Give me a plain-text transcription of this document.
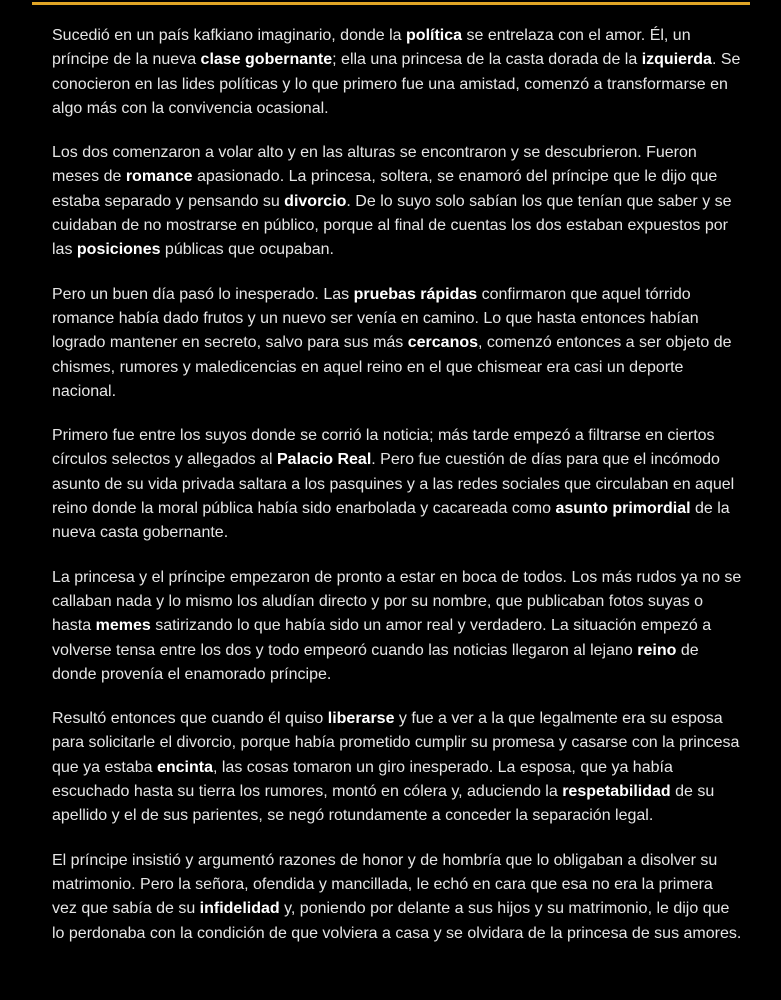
Sucedió en un país kafkiano imaginario, donde la política se entrelaza con el amor. Él, un príncipe de la nueva clase gobernante; ella una princesa de la casta dorada de la izquierda. Se conocieron en las lides políticas y lo que primero fue una amistad, comenzó a transformarse en algo más con la convivencia ocasional.

Los dos comenzaron a volar alto y en las alturas se encontraron y se descubrieron. Fueron meses de romance apasionado. La princesa, soltera, se enamoró del príncipe que le dijo que estaba separado y pensando su divorcio. De lo suyo solo sabían los que tenían que saber y se cuidaban de no mostrarse en público, porque al final de cuentas los dos estaban expuestos por las posiciones públicas que ocupaban.

Pero un buen día pasó lo inesperado. Las pruebas rápidas confirmaron que aquel tórrido romance había dado frutos y un nuevo ser venía en camino. Lo que hasta entonces habían logrado mantener en secreto, salvo para sus más cercanos, comenzó entonces a ser objeto de chismes, rumores y maledicencias en aquel reino en el que chismear era casi un deporte nacional.

Primero fue entre los suyos donde se corrió la noticia; más tarde empezó a filtrarse en ciertos círculos selectos y allegados al Palacio Real. Pero fue cuestión de días para que el incómodo asunto de su vida privada saltara a los pasquines y a las redes sociales que circulaban en aquel reino donde la moral pública había sido enarbolada y cacareada como asunto primordial de la nueva casta gobernante.

La princesa y el príncipe empezaron de pronto a estar en boca de todos. Los más rudos ya no se callaban nada y lo mismo los aludían directo y por su nombre, que publicaban fotos suyas o hasta memes satirizando lo que había sido un amor real y verdadero. La situación empezó a volverse tensa entre los dos y todo empeoró cuando las noticias llegaron al lejano reino de donde provenía el enamorado príncipe.

Resultó entonces que cuando él quiso liberarse y fue a ver a la que legalmente era su esposa para solicitarle el divorcio, porque había prometido cumplir su promesa y casarse con la princesa que ya estaba encinta, las cosas tomaron un giro inesperado. La esposa, que ya había escuchado hasta su tierra los rumores, montó en cólera y, aduciendo la respetabilidad de su apellido y el de sus parientes, se negó rotundamente a conceder la separación legal.

El príncipe insistió y argumentó razones de honor y de hombría que lo obligaban a disolver su matrimonio. Pero la señora, ofendida y mancillada, le echó en cara que esa no era la primera vez que sabía de su infidelidad y, poniendo por delante a sus hijos y su matrimonio, le dijo que lo perdonaba con la condición de que volviera a casa y se olvidara de la princesa de sus amores.
